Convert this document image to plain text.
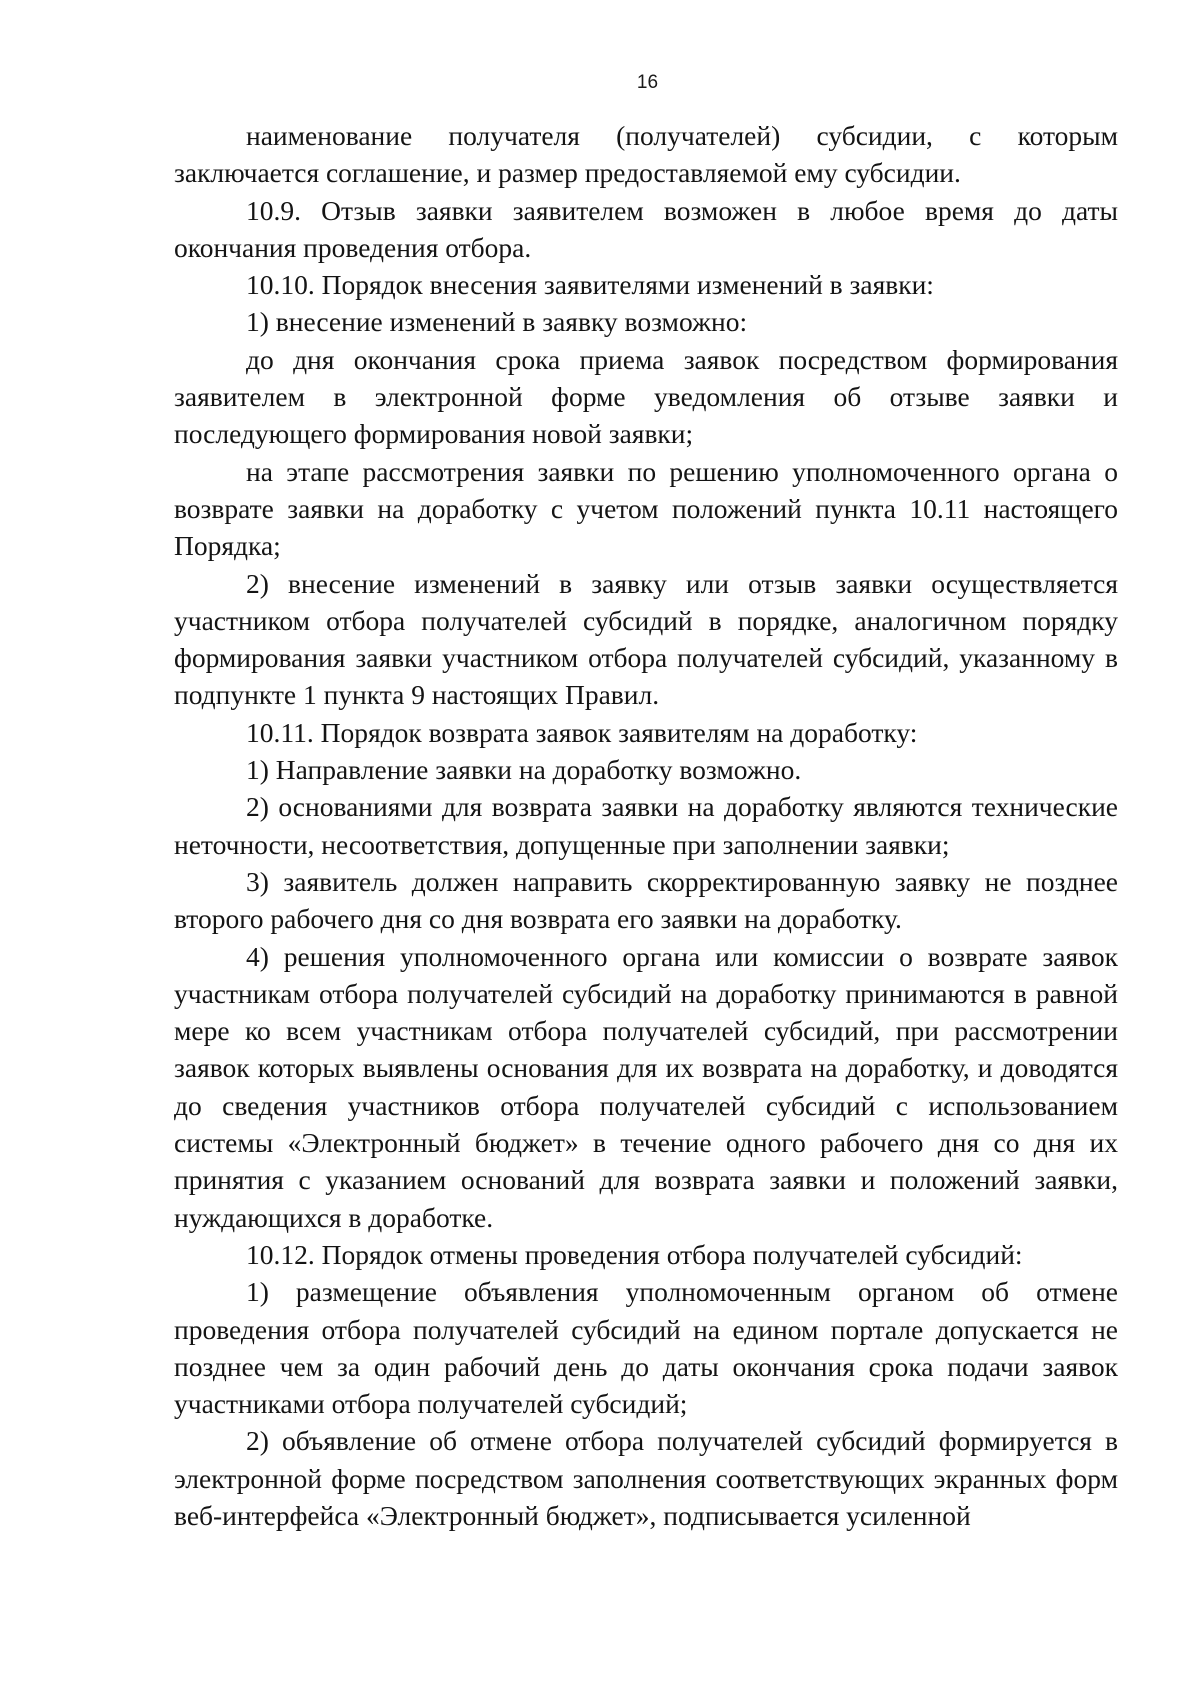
16

наименование получателя (получателей) субсидии, с которым заключается соглашение, и размер предоставляемой ему субсидии.

10.9. Отзыв заявки заявителем возможен в любое время до даты окончания проведения отбора.

10.10. Порядок внесения заявителями изменений в заявки:

1) внесение изменений в заявку возможно:

до дня окончания срока приема заявок посредством формирования заявителем в электронной форме уведомления об отзыве заявки и последующего формирования новой заявки;

на этапе рассмотрения заявки по решению уполномоченного органа о возврате заявки на доработку с учетом положений пункта 10.11 настоящего Порядка;

2) внесение изменений в заявку или отзыв заявки осуществляется участником отбора получателей субсидий в порядке, аналогичном порядку формирования заявки участником отбора получателей субсидий, указанному в подпункте 1 пункта 9 настоящих Правил.

10.11. Порядок возврата заявок заявителям на доработку:

1) Направление заявки на доработку возможно.

2) основаниями для возврата заявки на доработку являются технические неточности, несоответствия, допущенные при заполнении заявки;

3) заявитель должен направить скорректированную заявку не позднее второго рабочего дня со дня возврата его заявки на доработку.

4) решения уполномоченного органа или комиссии о возврате заявок участникам отбора получателей субсидий на доработку принимаются в равной мере ко всем участникам отбора получателей субсидий, при рассмотрении заявок которых выявлены основания для их возврата на доработку, и доводятся до сведения участников отбора получателей субсидий с использованием системы «Электронный бюджет» в течение одного рабочего дня со дня их принятия с указанием оснований для возврата заявки и положений заявки, нуждающихся в доработке.

10.12. Порядок отмены проведения отбора получателей субсидий:

1) размещение объявления уполномоченным органом об отмене проведения отбора получателей субсидий на едином портале допускается не позднее чем за один рабочий день до даты окончания срока подачи заявок участниками отбора получателей субсидий;

2) объявление об отмене отбора получателей субсидий формируется в электронной форме посредством заполнения соответствующих экранных форм веб-интерфейса «Электронный бюджет», подписывается усиленной
